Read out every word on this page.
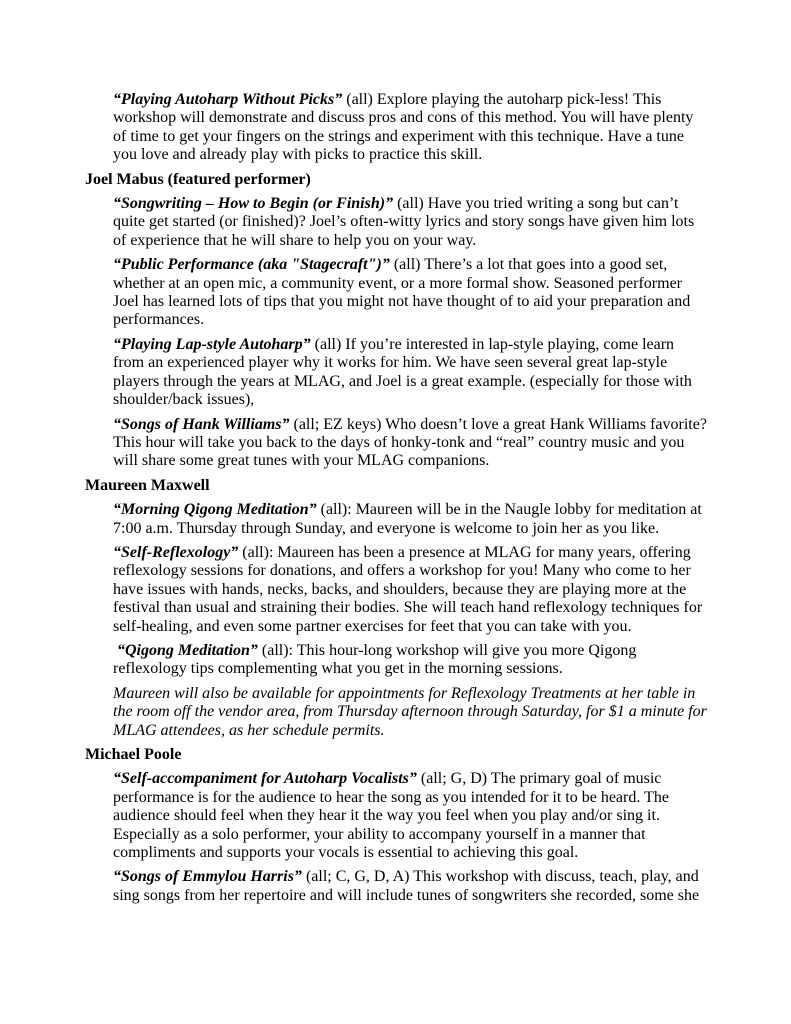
“Playing Autoharp Without Picks” (all) Explore playing the autoharp pick-less! This workshop will demonstrate and discuss pros and cons of this method. You will have plenty of time to get your fingers on the strings and experiment with this technique. Have a tune you love and already play with picks to practice this skill.

Joel Mabus (featured performer)

“Songwriting – How to Begin (or Finish)” (all) Have you tried writing a song but can’t quite get started (or finished)? Joel’s often-witty lyrics and story songs have given him lots of experience that he will share to help you on your way.

“Public Performance (aka "Stagecraft")” (all) There’s a lot that goes into a good set, whether at an open mic, a community event, or a more formal show. Seasoned performer Joel has learned lots of tips that you might not have thought of to aid your preparation and performances.

“Playing Lap-style Autoharp” (all) If you’re interested in lap-style playing, come learn from an experienced player why it works for him. We have seen several great lap-style players through the years at MLAG, and Joel is a great example. (especially for those with shoulder/back issues),

“Songs of Hank Williams” (all; EZ keys) Who doesn’t love a great Hank Williams favorite? This hour will take you back to the days of honky-tonk and “real” country music and you will share some great tunes with your MLAG companions.

Maureen Maxwell

“Morning Qigong Meditation” (all): Maureen will be in the Naugle lobby for meditation at 7:00 a.m. Thursday through Sunday, and everyone is welcome to join her as you like.

“Self-Reflexology” (all): Maureen has been a presence at MLAG for many years, offering reflexology sessions for donations, and offers a workshop for you! Many who come to her have issues with hands, necks, backs, and shoulders, because they are playing more at the festival than usual and straining their bodies. She will teach hand reflexology techniques for self-healing, and even some partner exercises for feet that you can take with you.

“Qigong Meditation” (all): This hour-long workshop will give you more Qigong reflexology tips complementing what you get in the morning sessions.

Maureen will also be available for appointments for Reflexology Treatments at her table in the room off the vendor area, from Thursday afternoon through Saturday, for $1 a minute for MLAG attendees, as her schedule permits.

Michael Poole

“Self-accompaniment for Autoharp Vocalists” (all; G, D) The primary goal of music performance is for the audience to hear the song as you intended for it to be heard. The audience should feel when they hear it the way you feel when you play and/or sing it. Especially as a solo performer, your ability to accompany yourself in a manner that compliments and supports your vocals is essential to achieving this goal.

“Songs of Emmylou Harris” (all; C, G, D, A) This workshop with discuss, teach, play, and sing songs from her repertoire and will include tunes of songwriters she recorded, some she
